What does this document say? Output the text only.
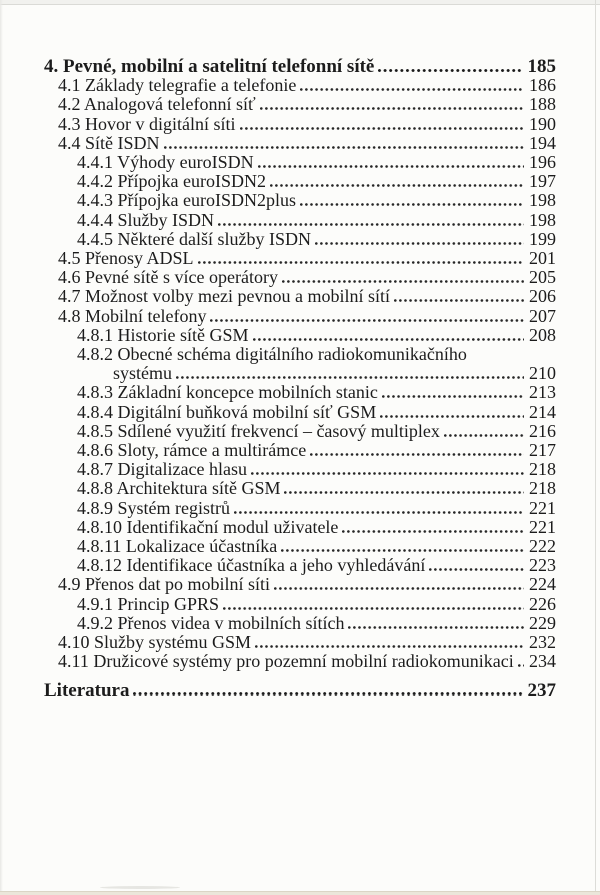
4. Pevné, mobilní a satelitní telefonní sítě	185
4.1 Základy telegrafie a telefonie	186
4.2 Analogová telefonní síť	188
4.3 Hovor v digitální síti	190
4.4 Sítě ISDN	194
4.4.1 Výhody euroISDN	196
4.4.2 Přípojka euroISDN2	197
4.4.3 Přípojka euroISDN2plus	198
4.4.4 Služby ISDN	198
4.4.5 Některé další služby ISDN	199
4.5 Přenosy ADSL	201
4.6 Pevné sítě s více operátory	205
4.7 Možnost volby mezi pevnou a mobilní sítí	206
4.8 Mobilní telefony	207
4.8.1 Historie sítě GSM	208
4.8.2 Obecné schéma digitálního radiokomunikačního
systému	210
4.8.3 Základní koncepce mobilních stanic	213
4.8.4 Digitální buňková mobilní síť GSM	214
4.8.5 Sdílené využití frekvencí – časový multiplex	216
4.8.6 Sloty, rámce a multirámce	217
4.8.7 Digitalizace hlasu	218
4.8.8 Architektura sítě GSM	218
4.8.9 Systém registrů	221
4.8.10 Identifikační modul uživatele	221
4.8.11 Lokalizace účastníka	222
4.8.12 Identifikace účastníka a jeho vyhledávání	223
4.9 Přenos dat po mobilní síti	224
4.9.1 Princip GPRS	226
4.9.2 Přenos videa v mobilních sítích	229
4.10 Služby systému GSM	232
4.11 Družicové systémy pro pozemní mobilní radiokomunikaci 234
Literatura	237
